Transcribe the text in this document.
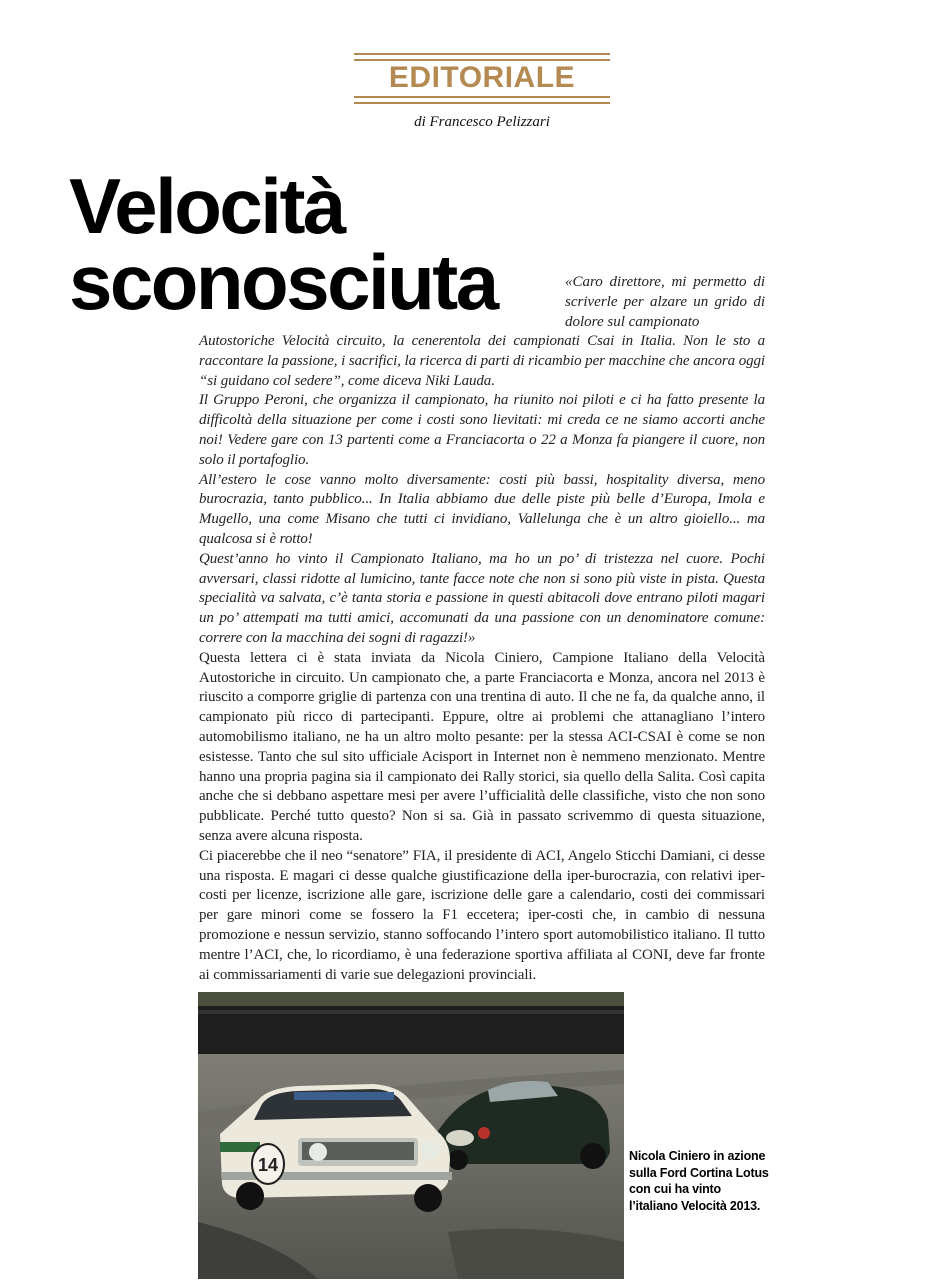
EDITORIALE
di Francesco Pelizzari
Velocità
sconosciuta	«Caro direttore, mi permetto di scriverle per alzare un grido di dolore sul campionato

Autostoriche Velocità circuito, la cenerentola dei campionati Csai in Italia. Non le sto a raccontare la passione, i sacrifici, la ricerca di parti di ricambio per macchine che ancora oggi “si guidano col sedere”, come diceva Niki Lauda.

Il Gruppo Peroni, che organizza il campionato, ha riunito noi piloti e ci ha fatto presente la difficoltà della situazione per come i costi sono lievitati: mi creda ce ne siamo accorti anche noi! Vedere gare con 13 partenti come a Franciacorta o 22 a Monza fa piangere il cuore, non solo il portafoglio.

All’estero le cose vanno molto diversamente: costi più bassi, hospitality diversa, meno burocrazia, tanto pubblico... In Italia abbiamo due delle piste più belle d’Europa, Imola e Mugello, una come Misano che tutti ci invidiano, Vallelunga che è un altro gioiello... ma qualcosa si è rotto!

Quest’anno ho vinto il Campionato Italiano, ma ho un po’ di tristezza nel cuore. Pochi avversari, classi ridotte al lumicino, tante facce note che non si sono più viste in pista. Questa specialità va salvata, c’è tanta storia e passione in questi abitacoli dove entrano piloti magari un po’ attempati ma tutti amici, accomunati da una passione con un denominatore comune: correre con la macchina dei sogni di ragazzi!»

Questa lettera ci è stata inviata da Nicola Ciniero, Campione Italiano della Velocità Autostoriche in circuito. Un campionato che, a parte Franciacorta e Monza, ancora nel 2013 è riuscito a comporre griglie di partenza con una trentina di auto. Il che ne fa, da qualche anno, il campionato più ricco di partecipanti. Eppure, oltre ai problemi che attanagliano l’intero automobilismo italiano, ne ha un altro molto pesante: per la stessa ACI-CSAI è come se non esistesse. Tanto che sul sito ufficiale Acisport in Internet non è nemmeno menzionato. Mentre hanno una propria pagina sia il campionato dei Rally storici, sia quello della Salita. Così capita anche che si debbano aspettare mesi per avere l’ufficialità delle classifiche, visto che non sono pubblicate. Perché tutto questo? Non si sa. Già in passato scrivemmo di questa situazione, senza avere alcuna risposta.

Ci piacerebbe che il neo “senatore” FIA, il presidente di ACI, Angelo Sticchi Damiani, ci desse una risposta. E magari ci desse qualche giustificazione della iper-burocrazia, con relativi iper-costi per licenze, iscrizione alle gare, iscrizione delle gare a calendario, costi dei commissari per gare minori come se fossero la F1 eccetera; iper-costi che, in cambio di nessuna promozione e nessun servizio, stanno soffocando l’intero sport automobilistico italiano. Il tutto mentre l’ACI, che, lo ricordiamo, è una federazione sportiva affiliata al CONI, deve far fronte ai commissariamenti di varie sue delegazioni provinciali.

14	Nicola Ciniero in azione sulla Ford Cortina Lotus con cui ha vinto l’italiano Velocità 2013.
